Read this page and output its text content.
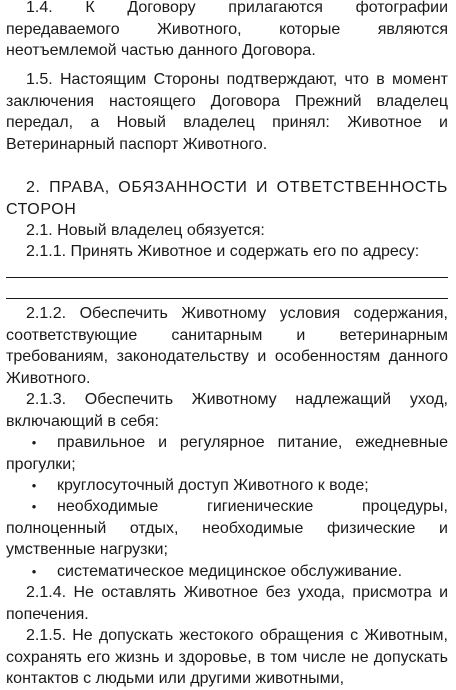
1.4. К Договору прилагаются фотографии передаваемого Животного, которые являются неотъемлемой частью данного Договора.

1.5. Настоящим Стороны подтверждают, что в момент заключения настоящего Договора Прежний владелец передал, а Новый владелец принял: Животное и Ветеринарный паспорт Животного.

2. ПРАВА, ОБЯЗАННОСТИ И ОТВЕТСТВЕННОСТЬ СТОРОН

2.1. Новый владелец обязуется:

2.1.1. Принять Животное и содержать его по адресу:

2.1.2. Обеспечить Животному условия содержания, соответствующие санитарным и ветеринарным требованиям, законодательству и особенностям данного Животного.

2.1.3. Обеспечить Животному надлежащий уход, включающий в себя:

•	правильное и регулярное питание, ежедневные прогулки;

•	круглосуточный доступ Животного к воде;

•	необходимые гигиенические процедуры, полноценный отдых, необходимые физические и умственные нагрузки;

•	систематическое медицинское обслуживание.

2.1.4. Не оставлять Животное без ухода, присмотра и попечения.

2.1.5. Не допускать жестокого обращения с Животным, сохранять его жизнь и здоровье, в том числе не допускать контактов с людьми или другими животными,
